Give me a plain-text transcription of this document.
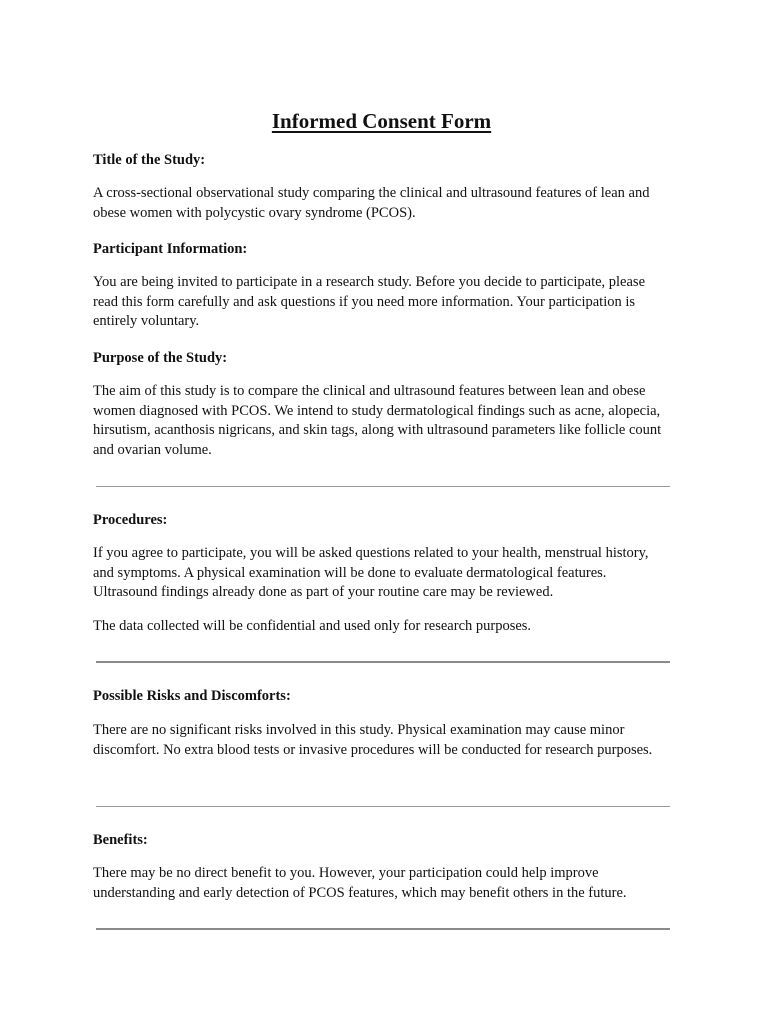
Informed Consent Form
Title of the Study:

A cross-sectional observational study comparing the clinical and ultrasound features of lean and obese women with polycystic ovary syndrome (PCOS).

Participant Information:

You are being invited to participate in a research study. Before you decide to participate, please read this form carefully and ask questions if you need more information. Your participation is entirely voluntary.

Purpose of the Study:

The aim of this study is to compare the clinical and ultrasound features between lean and obese women diagnosed with PCOS. We intend to study dermatological findings such as acne, alopecia, hirsutism, acanthosis nigricans, and skin tags, along with ultrasound parameters like follicle count and ovarian volume.

Procedures:

If you agree to participate, you will be asked questions related to your health, menstrual history, and symptoms. A physical examination will be done to evaluate dermatological features. Ultrasound findings already done as part of your routine care may be reviewed.

The data collected will be confidential and used only for research purposes.

Possible Risks and Discomforts:

There are no significant risks involved in this study. Physical examination may cause minor discomfort. No extra blood tests or invasive procedures will be conducted for research purposes.

Benefits:

There may be no direct benefit to you. However, your participation could help improve understanding and early detection of PCOS features, which may benefit others in the future.
